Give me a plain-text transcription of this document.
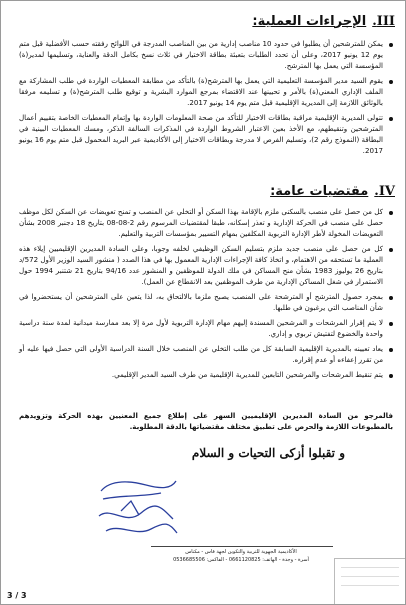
III.
الإجراءات العملية:
يمكن للمترشحين أن يطلبوا في حدود 10 مناصب إدارية من بين المناصب المدرجة في اللوائح رفقته حسب الأفضلية قبل متم يوم 12 يونيو 2017، وعلى أن تحدد الطلبات بتعبئة بطاقة الاختيار في ثلاث نسخ بكامل الدقة والعناية، وتسليمها لمدير(ة) المؤسسة التي يعمل بها المترشح.
يقوم السيد مدير المؤسسة التعليمية التي يعمل بها المترشح(ة) بالتأكد من مطابقة المعطيات الواردة في طلب المشاركة مع الملف الإداري المعني(ة) بالأمر و تحيينها عند الاقتضاء بمرجع الموارد البشرية و توقيع طلب المترشح(ة) و تسليمه مرفقا بالوثائق اللازمة إلى المديرية الإقليمية قبل متم يوم 14 يونيو 2017.
تتولى المديرية الإقليمية مراقبة بطاقات الاختيار للتأكد من صحة المعلومات الواردة بها وإتمام المعطيات الخاصة بتقييم أعمال المترشحين وتنقيطهم، مع الأخذ بعين الاعتبار الشروط الواردة في المذكرات السالفة الذكر، ومسك المعطيات البينية في البطاقة (النموذج رقم 2)، وتسليم الفرص لا مدرجة وبطاقات الاختيار إلى الأكاديمية عبر البريد المحمول قبل متم يوم 16 يونيو 2017.
IV.
مقتضيات عامة:
كل من حصل على منصب بالسكنى ملزم بالإقامة بهذا السكن أو التخلي عن المنصب و تمنح تعويضات عن السكن لكل موظف حصل على منصب في الحركة الإدارية و تعذر إسكانه، طبقا لمقتضيات المرسوم رقم 2-08-08 بتاريخ 18 دجنبر 2008 بشأن التعويضات المخولة لأطر الإدارة التربوية المكلفين بمهام التسيير بمؤسسات التربية والتعليم.
كل من حصل على منصب جديد ملزم بتسليم السكن الوظيفي لخلفه وجوبا، وعلى السادة المديرين الإقليميين إيلاء هذه العملية ما تستحقه من الاهتمام، و اتخاذ كافة الإجراءات الإدارية المعمول بها في هذا الصدد ( منشور السيد الوزير الأول 572/د بتاريخ 26 يوليوز 1983 بشأن منح المساكن في ملك الدولة للموظفين و المنشور عدد 94/16 بتاريخ 21 شتنبر 1994 حول الاستمرار في شغل المساكن الإدارية من طرف الموظفين بعد الانقطاع عن العمل).
بمجرد حصول المترشح أو المترشحة على المنصب يصبح ملزما بالالتحاق به، لذا يتعين على المترشحين أن يستحضروا في شأن المناصب التي يرغبون في طلبها.
لا يتم إقرار المرشحات و المرشحين المسندة إليهم مهام الإدارة التربوية لأول مرة إلا بعد ممارسة ميدانية لمدة سنة دراسية واحدة والخضوع لتفتيش تربوي و إداري.
يعاد تعيينه بالمديرية الإقليمية السابقة كل من طلب التخلي عن المنصب خلال السنة الدراسية الأولى التي حصل فيها عليه أو من تقرر إعفاءه أو عدم إقراره.
يتم تنقيط المرشحات والمرشحين التابعين للمديرية الإقليمية من طرف السيد المدير الإقليمي.
فالمرجو من السادة المديرين الإقليميين السهر على إطلاع جميع المعنيين بهذه الحركة وتزويدهم بالمطبوعات اللازمة والحرص على تطبيق مختلف مقتضياتها بالدقة المطلوبة.
و تقبلوا أزكى التحيات و السلام
الأكاديمية الجهوية للتربية والتكوين لجهة فاس - مكناس
أسرة - وجدة - الهاتف: 0661120825 - الفاكس: 0536685506
3 / 3
